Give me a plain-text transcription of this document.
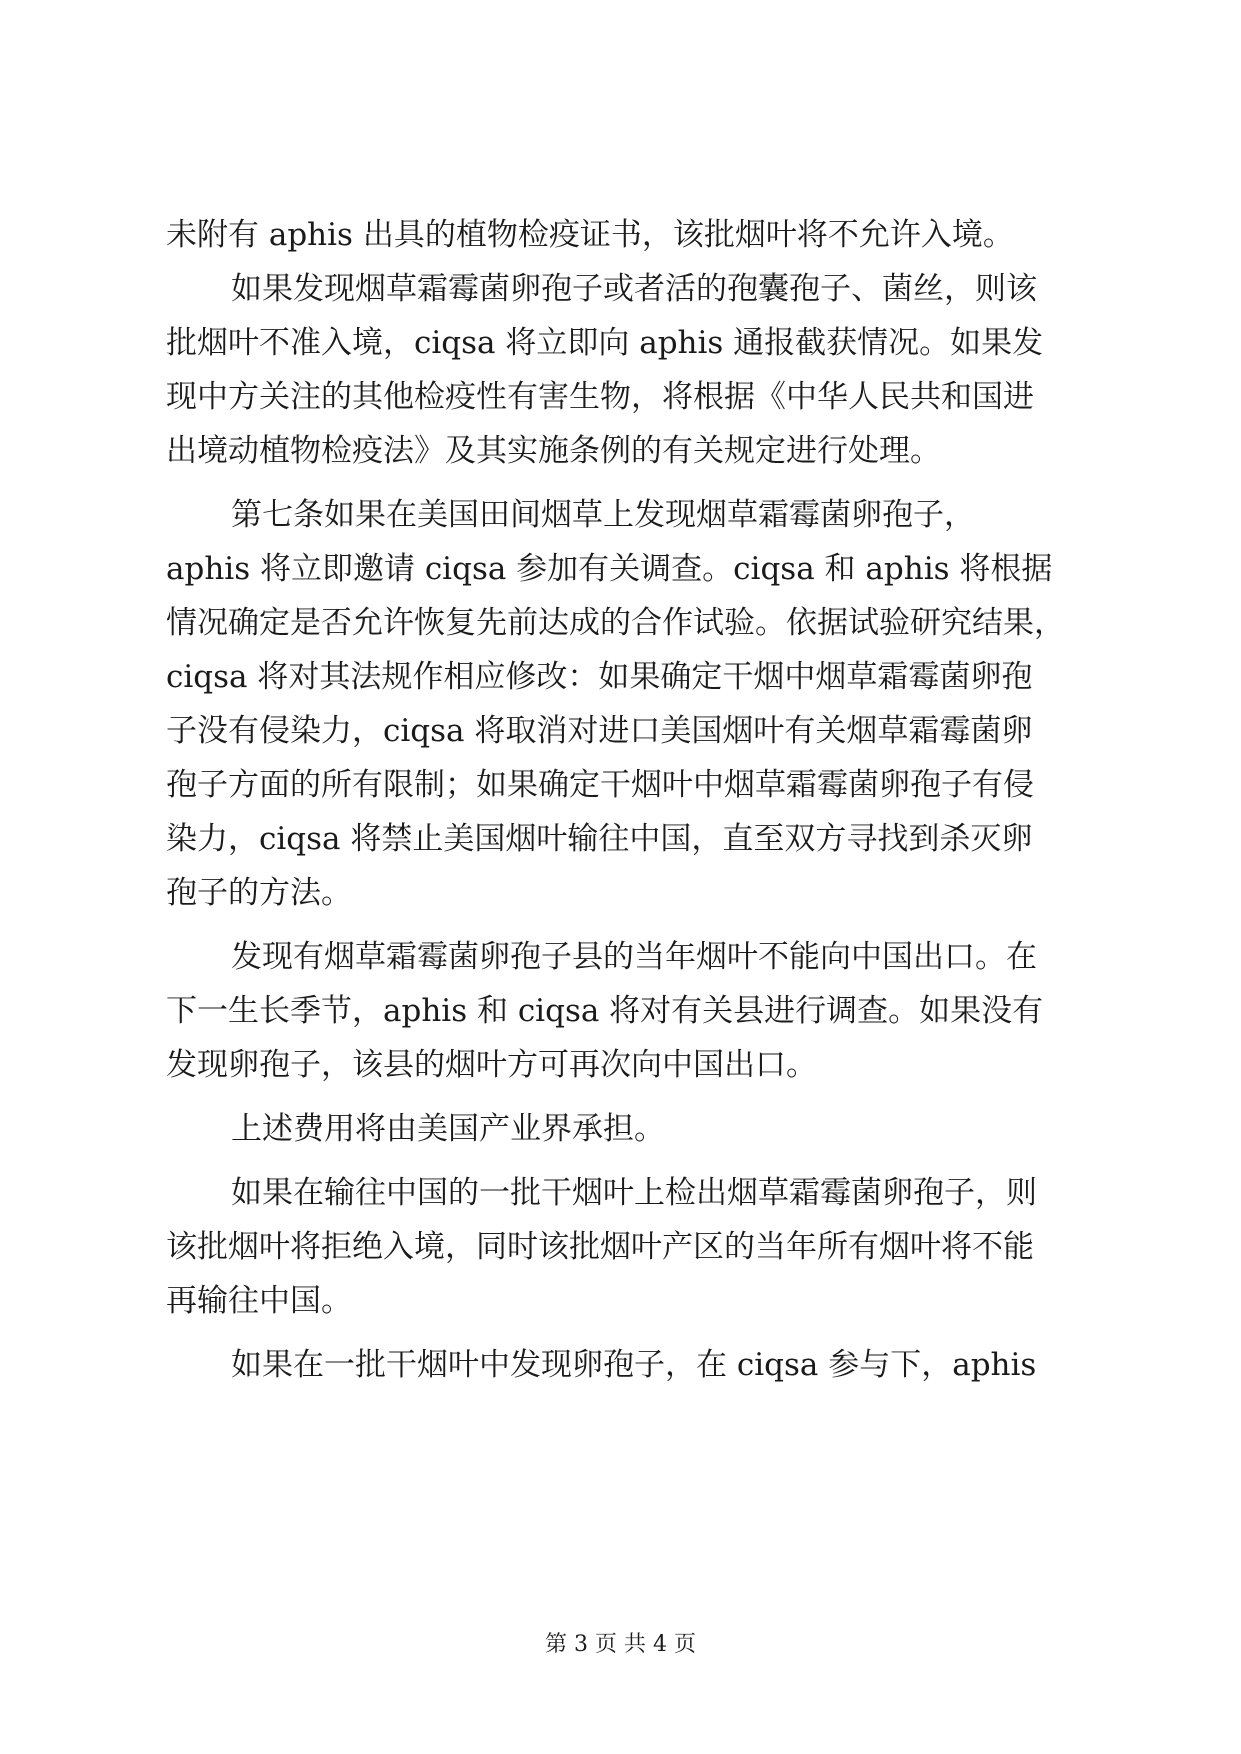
未附有 aphis 出具的植物检疫证书，该批烟叶将不允许入境。
如果发现烟草霜霉菌卵孢子或者活的孢囊孢子、菌丝，则该
批烟叶不准入境，ciqsa 将立即向 aphis 通报截获情况。如果发
现中方关注的其他检疫性有害生物，将根据《中华人民共和国进
出境动植物检疫法》及其实施条例的有关规定进行处理。
第七条如果在美国田间烟草上发现烟草霜霉菌卵孢子，
aphis 将立即邀请 ciqsa 参加有关调查。ciqsa 和 aphis 将根据
情况确定是否允许恢复先前达成的合作试验。依据试验研究结果，
ciqsa 将对其法规作相应修改：如果确定干烟中烟草霜霉菌卵孢
子没有侵染力，ciqsa 将取消对进口美国烟叶有关烟草霜霉菌卵
孢子方面的所有限制；如果确定干烟叶中烟草霜霉菌卵孢子有侵
染力，ciqsa 将禁止美国烟叶输往中国，直至双方寻找到杀灭卵
孢子的方法。
发现有烟草霜霉菌卵孢子县的当年烟叶不能向中国出口。在
下一生长季节，aphis 和 ciqsa 将对有关县进行调查。如果没有
发现卵孢子，该县的烟叶方可再次向中国出口。
上述费用将由美国产业界承担。
如果在输往中国的一批干烟叶上检出烟草霜霉菌卵孢子，则
该批烟叶将拒绝入境，同时该批烟叶产区的当年所有烟叶将不能
再输往中国。
如果在一批干烟叶中发现卵孢子，在 ciqsa 参与下，aphis
第 3 页 共 4 页
